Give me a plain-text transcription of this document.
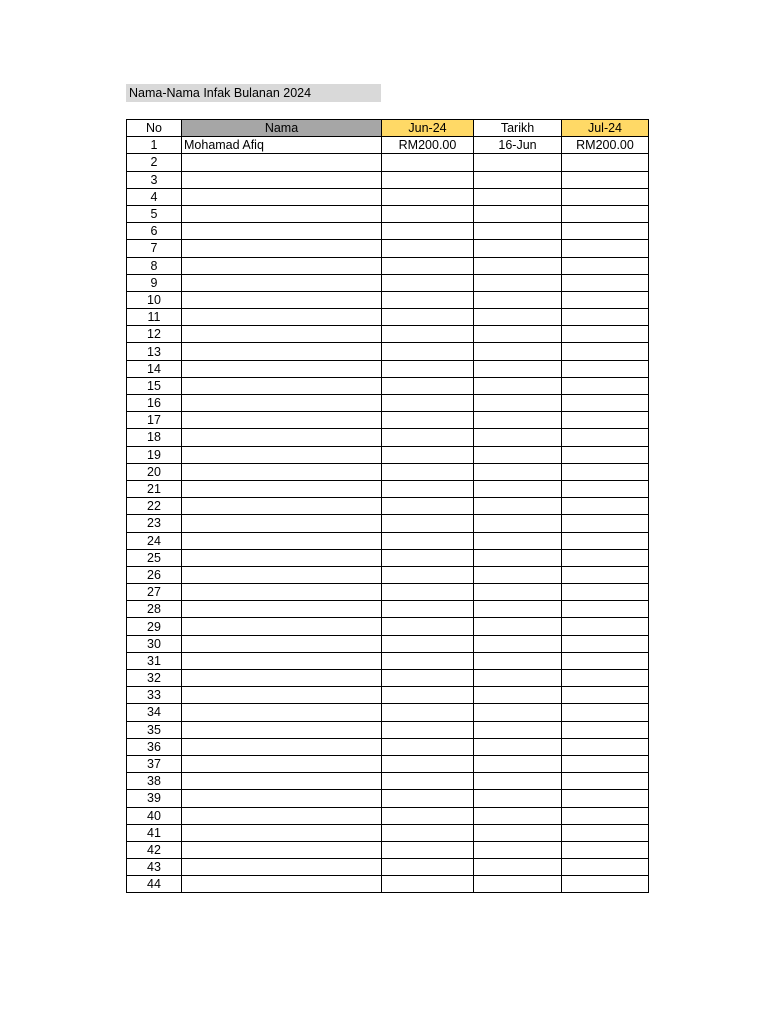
Nama-Nama Infak Bulanan 2024
No	Nama	Jun-24	Tarikh	Jul-24
1	Mohamad Afiq	RM200.00	16-Jun	RM200.00
2				
3				
4				
5				
6				
7				
8				
9				
10				
11				
12				
13				
14				
15				
16				
17				
18				
19				
20				
21				
22				
23				
24				
25				
26				
27				
28				
29				
30				
31				
32				
33				
34				
35				
36				
37				
38				
39				
40				
41				
42				
43				
44				
